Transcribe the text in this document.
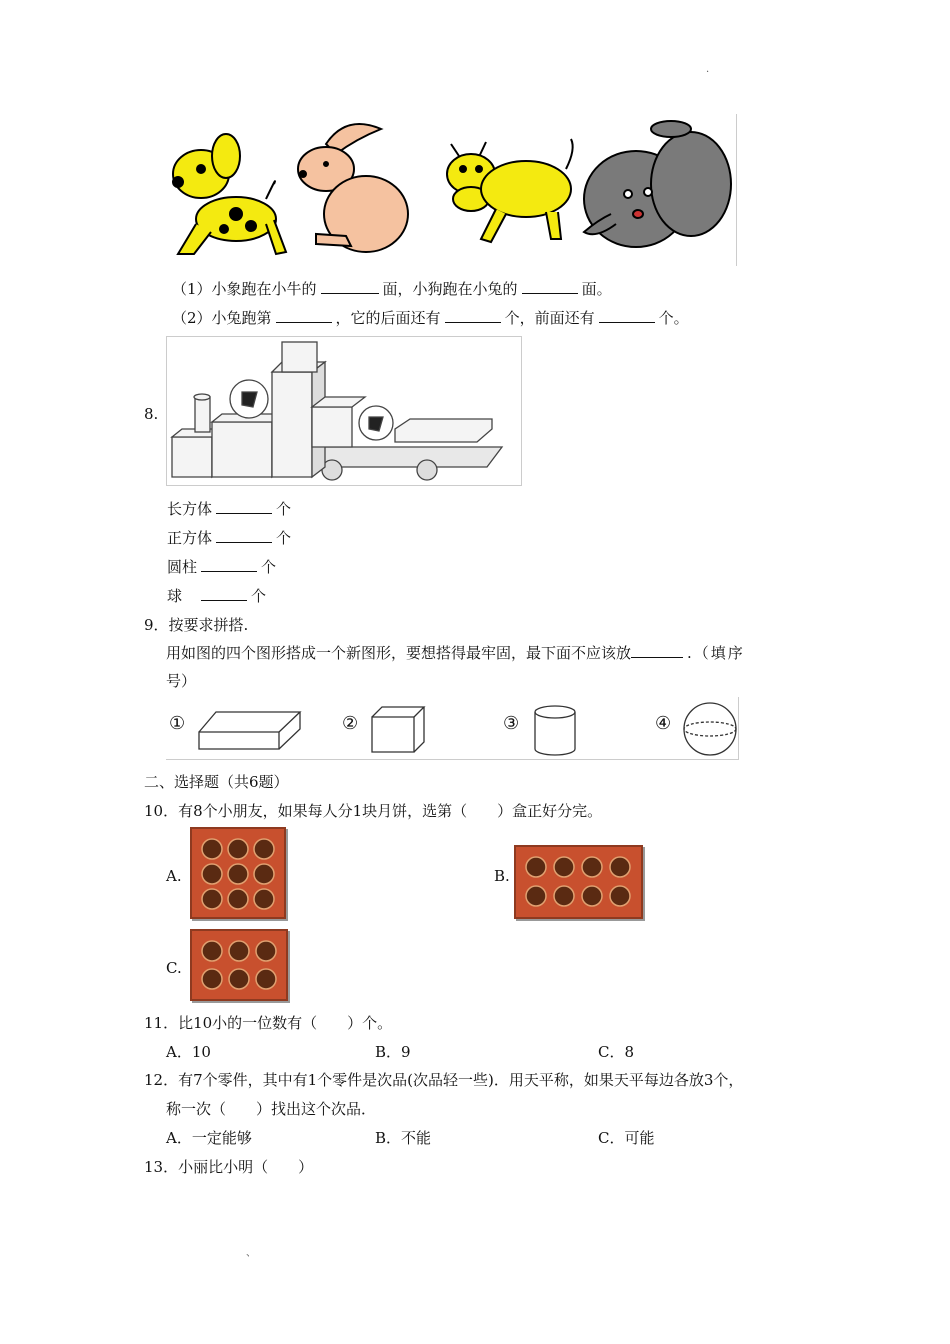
.
（1）小象跑在小牛的	面，小狗跑在小兔的	面。
（2）小兔跑第	，它的后面还有	个，前面还有	个。
8.
长方体	个
正方体	个
圆柱	个
球	个
9．按要求拼搭.
用如图的四个图形搭成一个新图形，要想搭得最牢固，最下面不应该放	.（填序
号）
①	②	③	④
二、选择题（共6题）
10．有8个小朋友，如果每人分1块月饼，选第（　　）盒正好分完。
A.	B.
C.
11．比10小的一位数有（　　）个。
A．10	B．9	C．8
12．有7个零件，其中有1个零件是次品(次品轻一些)．用天平称，如果天平每边各放3个，
称一次（　　）找出这个次品．
A．一定能够	B．不能	C．可能
13．小丽比小明（　　）
、
